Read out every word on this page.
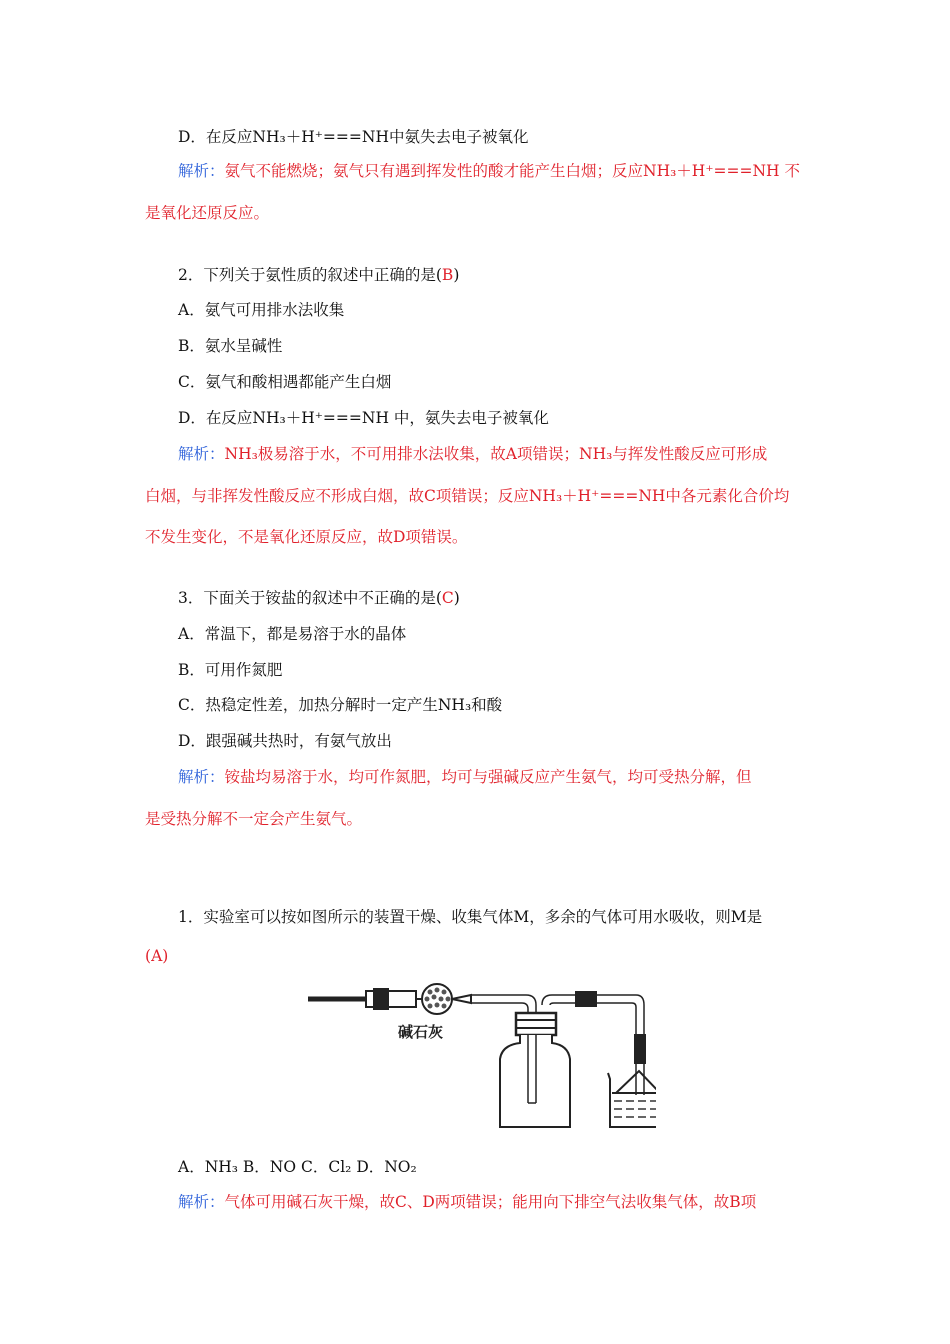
D．在反应NH₃＋H⁺===NH中氨失去电子被氧化
解析：氨气不能燃烧；氨气只有遇到挥发性的酸才能产生白烟；反应NH₃＋H⁺===NH 不
是氧化还原反应。
2．下列关于氨性质的叙述中正确的是(B)
A．氨气可用排水法收集
B．氨水呈碱性
C．氨气和酸相遇都能产生白烟
D．在反应NH₃＋H⁺===NH 中，氨失去电子被氧化
解析：NH₃极易溶于水，不可用排水法收集，故A项错误；NH₃与挥发性酸反应可形成
白烟，与非挥发性酸反应不形成白烟，故C项错误；反应NH₃＋H⁺===NH中各元素化合价均
不发生变化，不是氧化还原反应，故D项错误。
3．下面关于铵盐的叙述中不正确的是(C)
A．常温下，都是易溶于水的晶体
B．可用作氮肥
C．热稳定性差，加热分解时一定产生NH₃和酸
D．跟强碱共热时，有氨气放出
解析：铵盐均易溶于水，均可作氮肥，均可与强碱反应产生氨气，均可受热分解，但
是受热分解不一定会产生氨气。
1．实验室可以按如图所示的装置干燥、收集气体M，多余的气体可用水吸收，则M是
(A)
碱石灰
A．NH₃ B．NO C．Cl₂ D．NO₂
解析：气体可用碱石灰干燥，故C、D两项错误；能用向下排空气法收集气体，故B项
